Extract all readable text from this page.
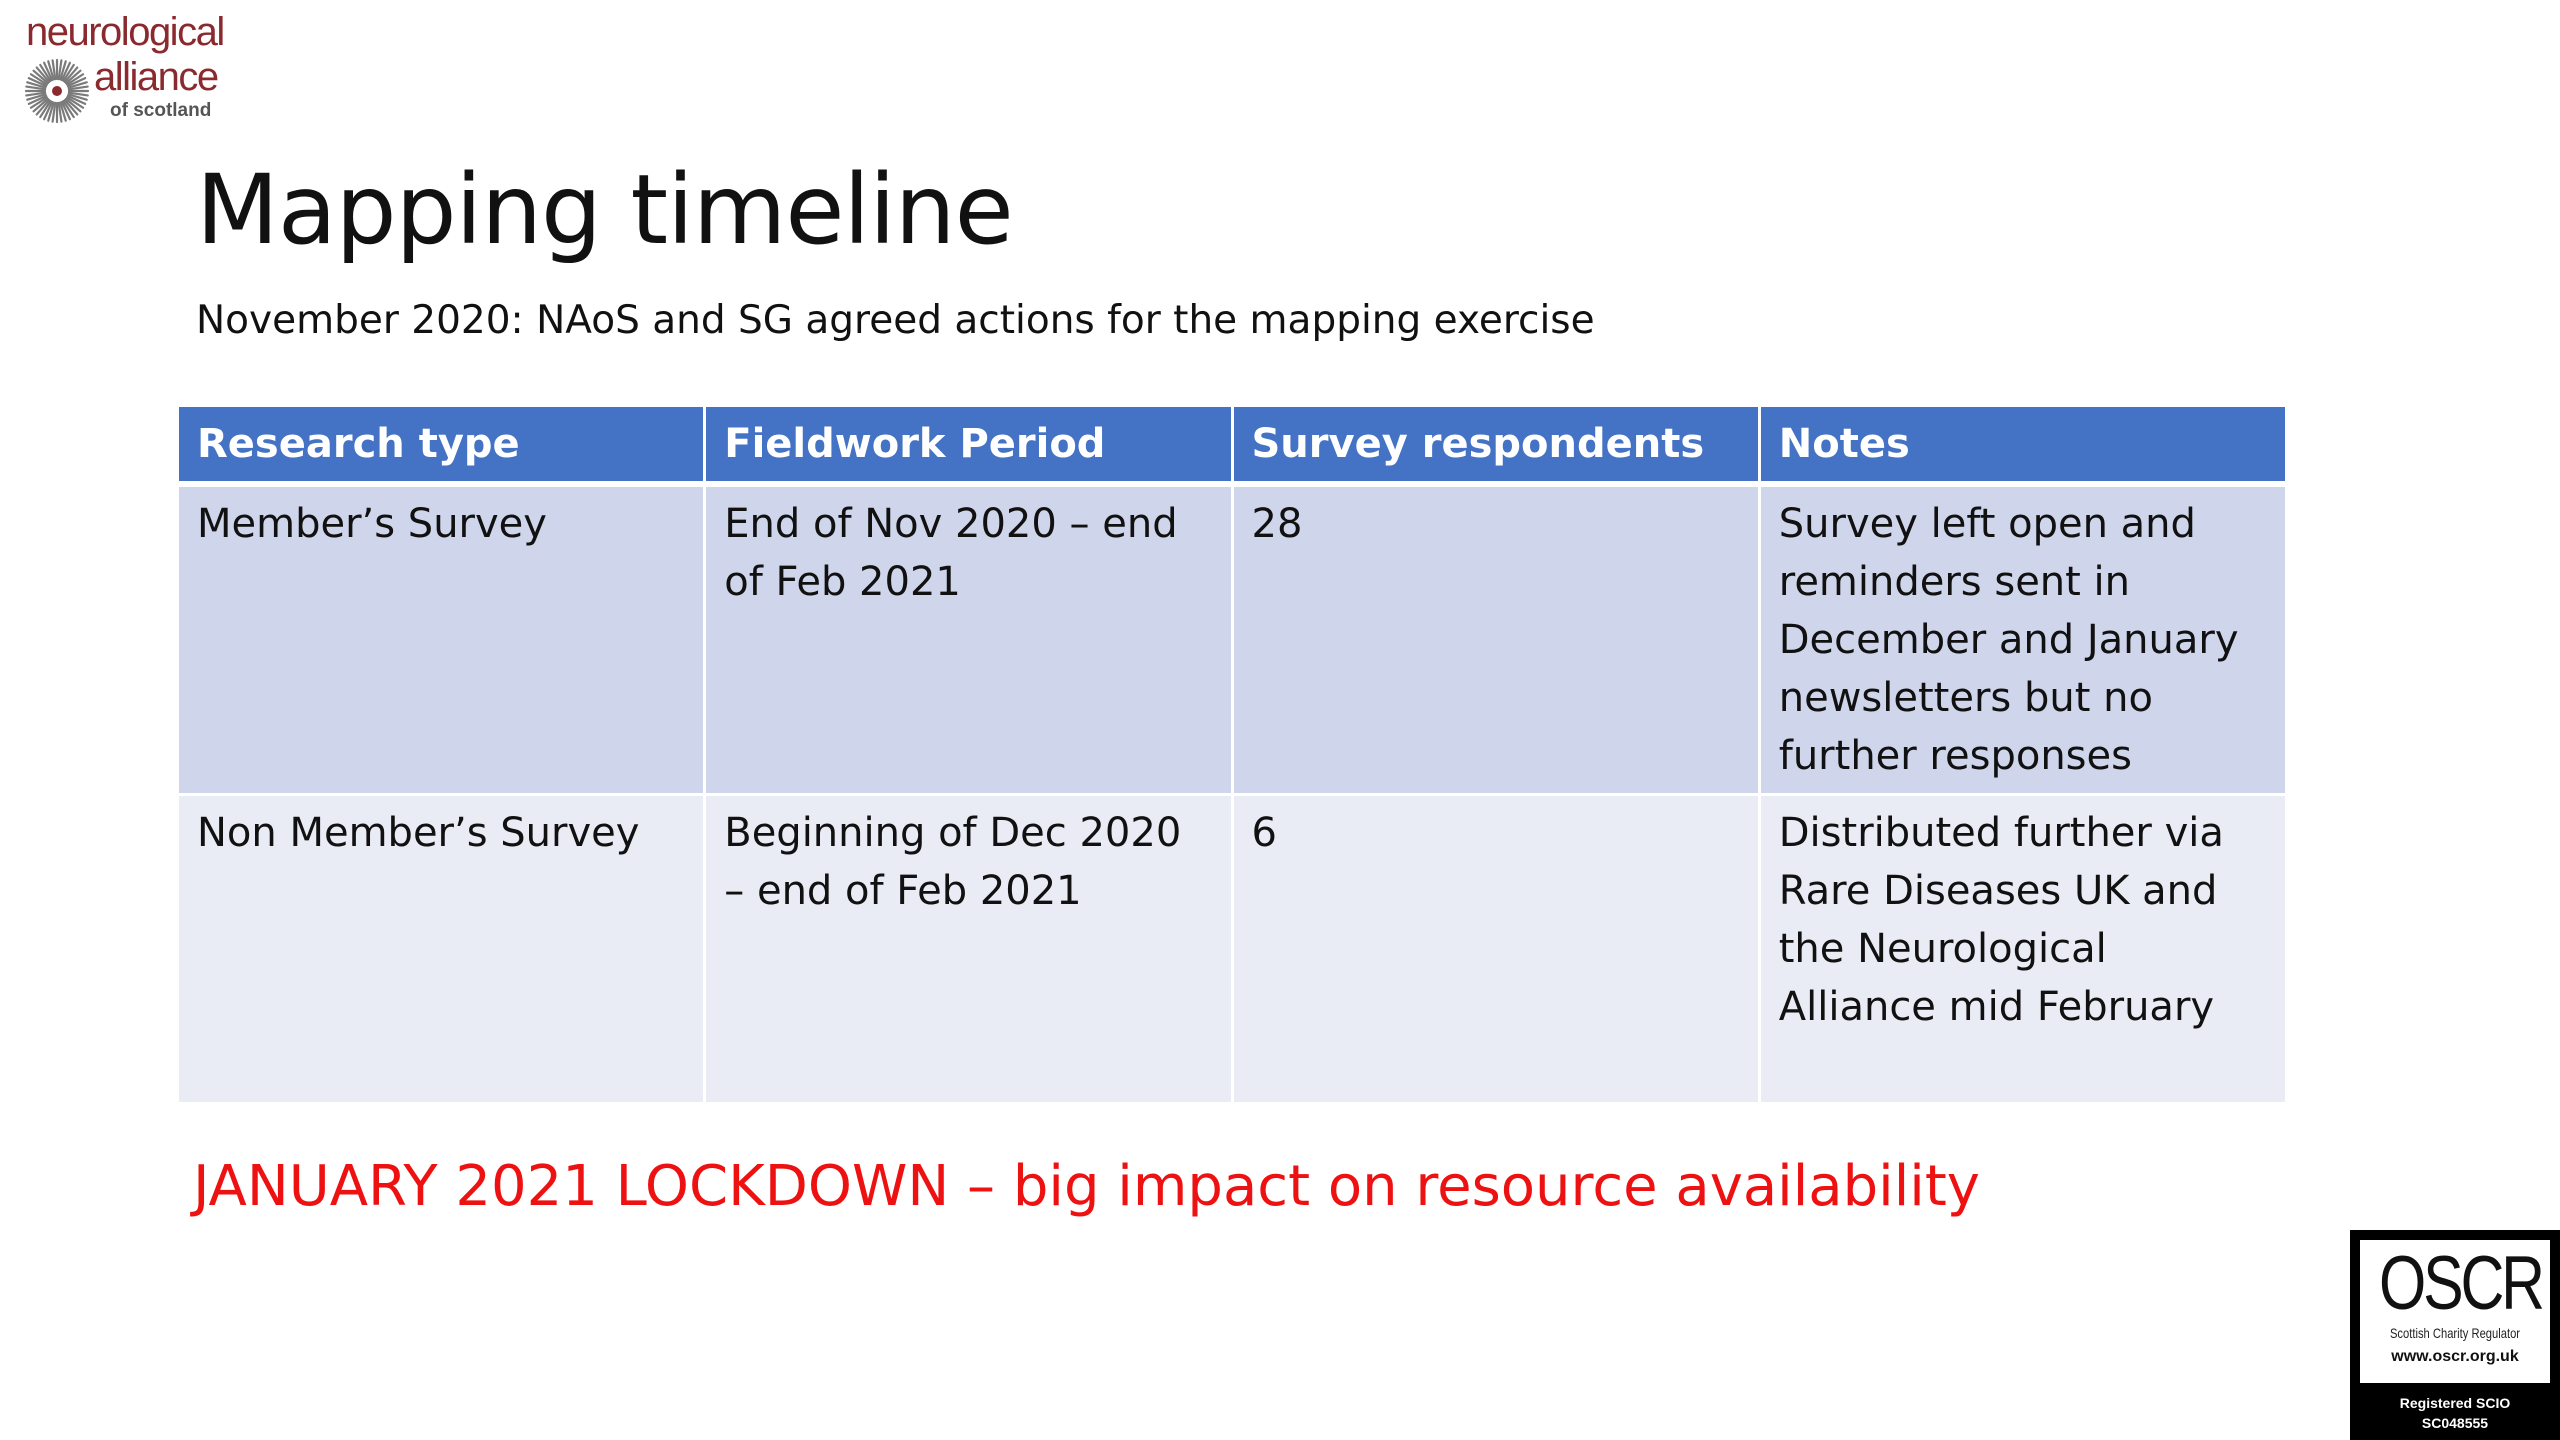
neurological
alliance
of scotland
Mapping timeline
November 2020: NAoS and SG agreed actions for the mapping exercise
Research type	Fieldwork Period	Survey respondents	Notes
Member’s Survey	End of Nov 2020 – end of Feb 2021	28	Survey left open and reminders sent in December and January newsletters but no further responses
Non Member’s Survey	Beginning of Dec 2020 – end of Feb 2021	6	Distributed further via Rare Diseases UK and the Neurological Alliance mid February
JANUARY 2021 LOCKDOWN – big impact on resource availability
OSCR
Scottish Charity Regulator
www.oscr.org.uk
Registered SCIO
SC048555
